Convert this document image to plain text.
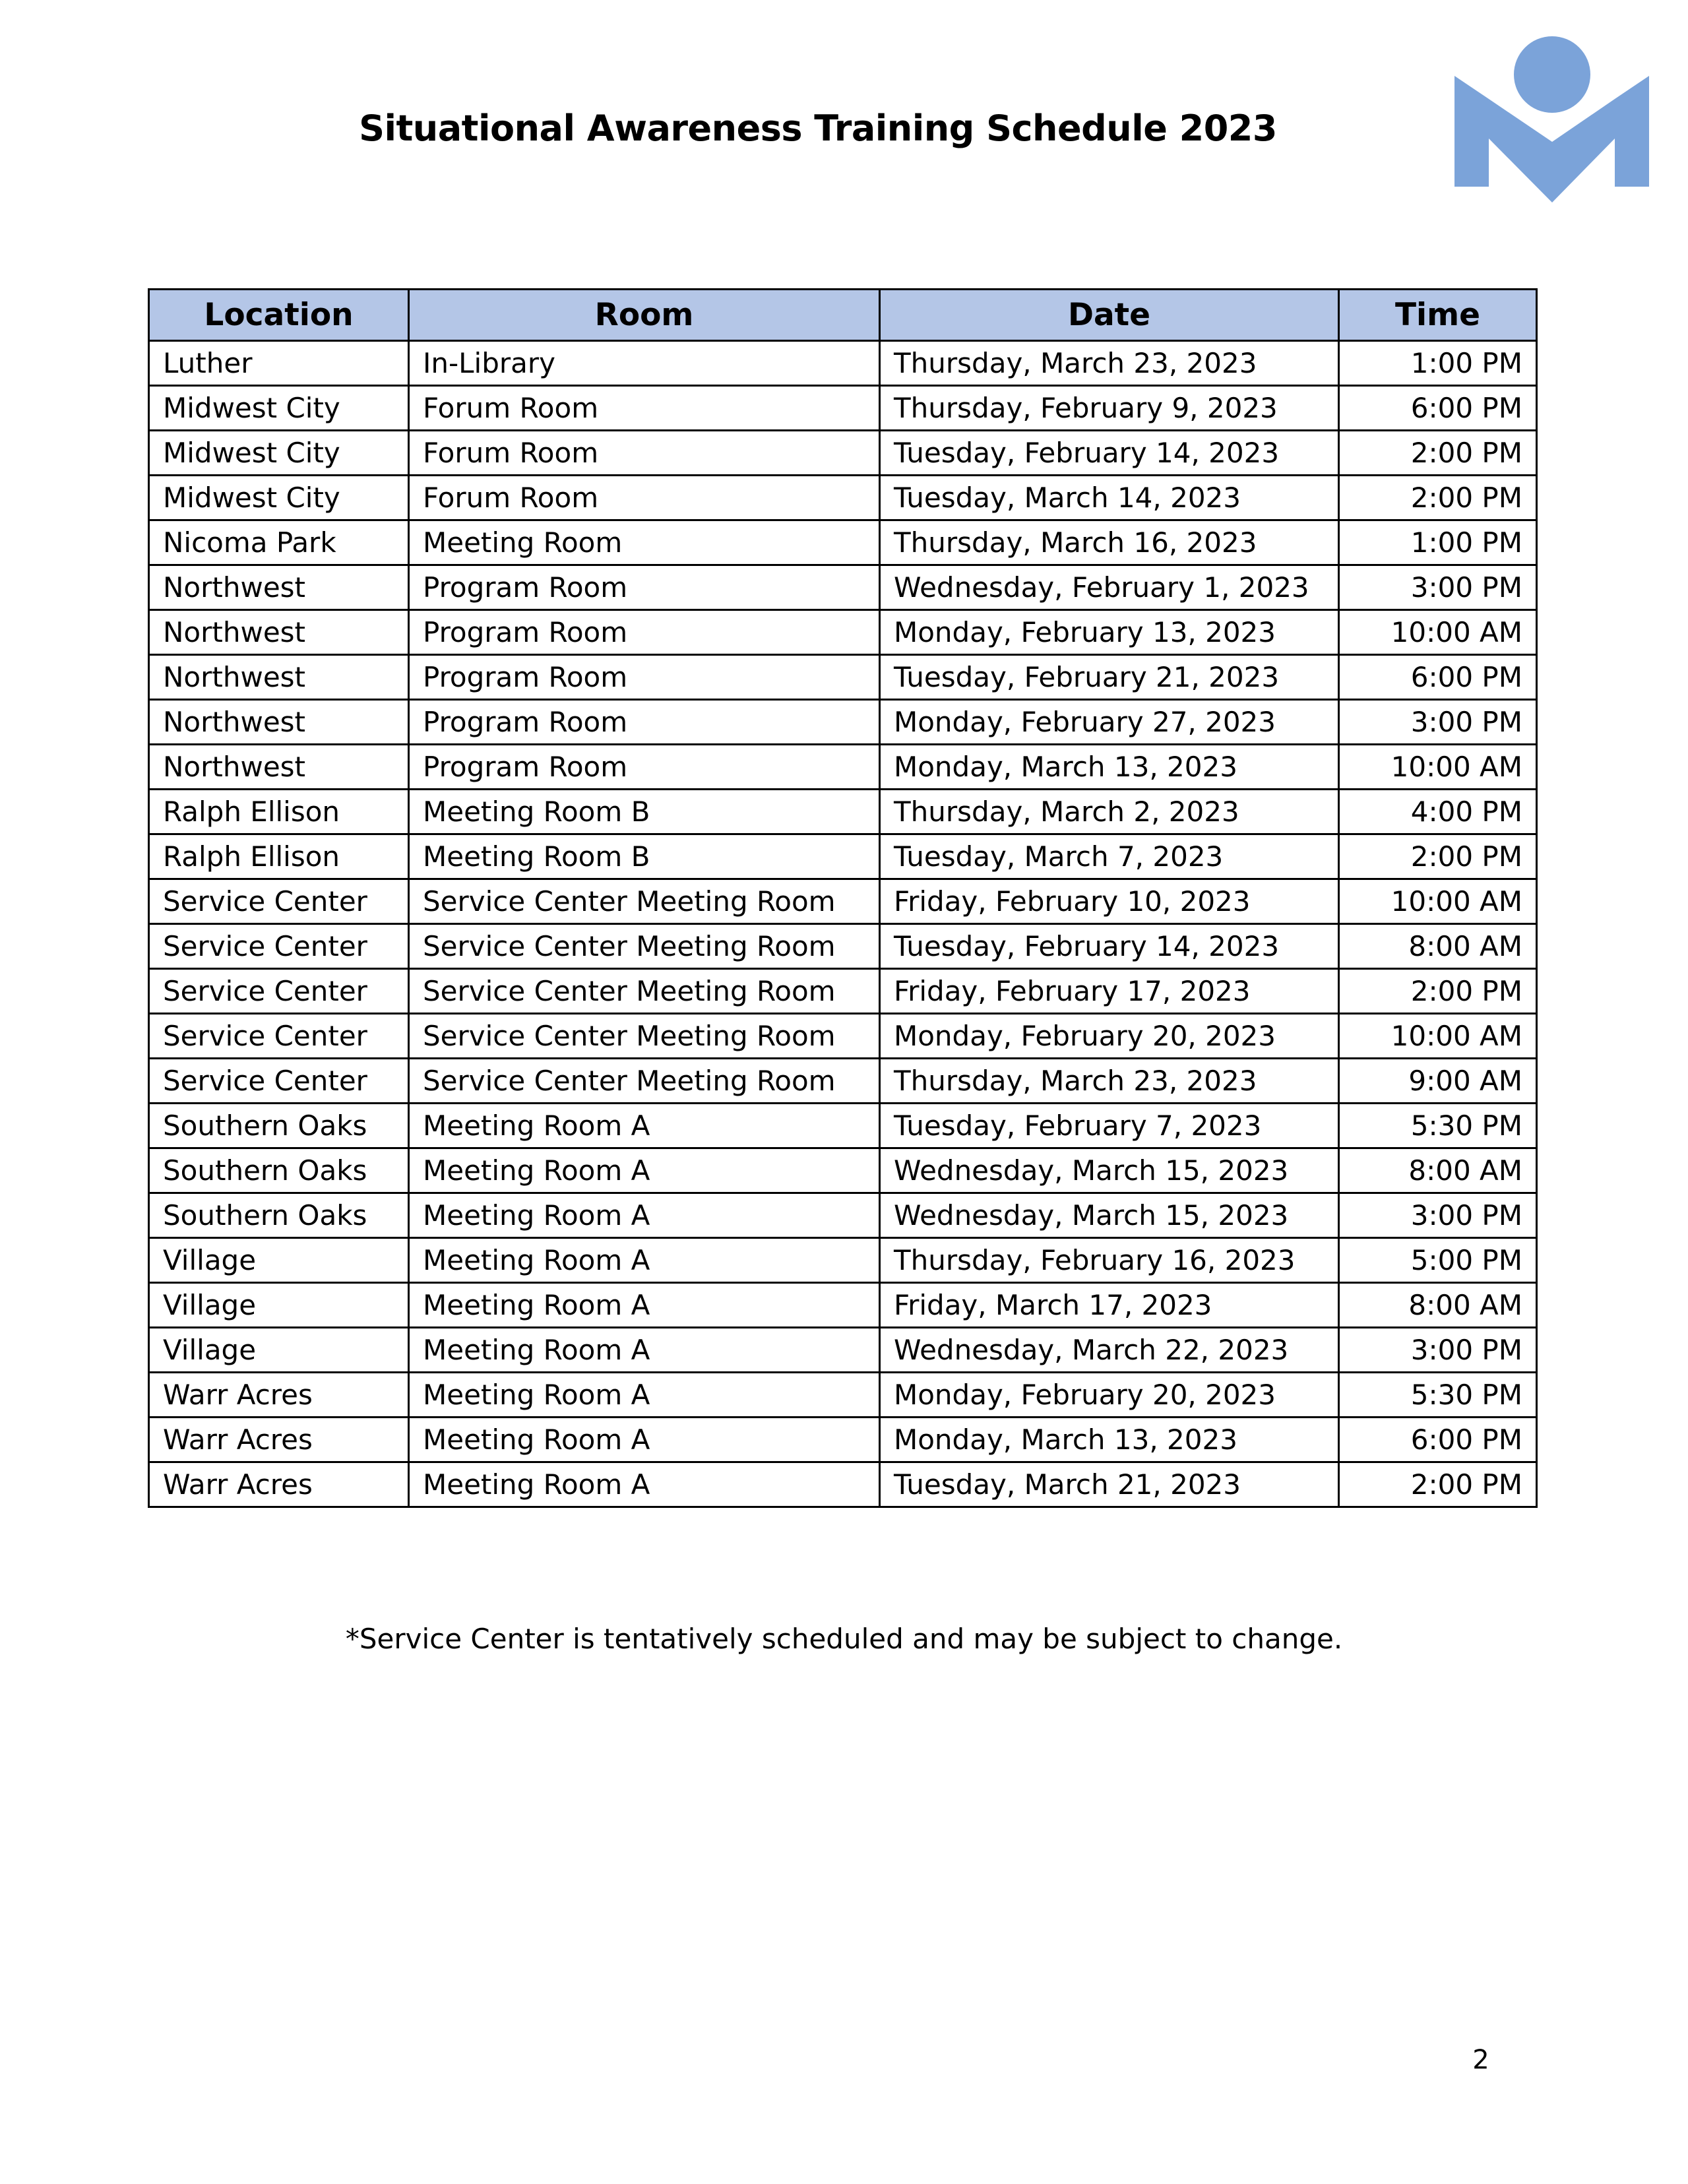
Situational Awareness Training Schedule 2023
Location	Room	Date	Time
Luther	In-Library	Thursday, March 23, 2023	1:00 PM
Midwest City	Forum Room	Thursday, February 9, 2023	6:00 PM
Midwest City	Forum Room	Tuesday, February 14, 2023	2:00 PM
Midwest City	Forum Room	Tuesday, March 14, 2023	2:00 PM
Nicoma Park	Meeting Room	Thursday, March 16, 2023	1:00 PM
Northwest	Program Room	Wednesday, February 1, 2023	3:00 PM
Northwest	Program Room	Monday, February 13, 2023	10:00 AM
Northwest	Program Room	Tuesday, February 21, 2023	6:00 PM
Northwest	Program Room	Monday, February 27, 2023	3:00 PM
Northwest	Program Room	Monday, March 13, 2023	10:00 AM
Ralph Ellison	Meeting Room B	Thursday, March 2, 2023	4:00 PM
Ralph Ellison	Meeting Room B	Tuesday, March 7, 2023	2:00 PM
Service Center	Service Center Meeting Room	Friday, February 10, 2023	10:00 AM
Service Center	Service Center Meeting Room	Tuesday, February 14, 2023	8:00 AM
Service Center	Service Center Meeting Room	Friday, February 17, 2023	2:00 PM
Service Center	Service Center Meeting Room	Monday, February 20, 2023	10:00 AM
Service Center	Service Center Meeting Room	Thursday, March 23, 2023	9:00 AM
Southern Oaks	Meeting Room A	Tuesday, February 7, 2023	5:30 PM
Southern Oaks	Meeting Room A	Wednesday, March 15, 2023	8:00 AM
Southern Oaks	Meeting Room A	Wednesday, March 15, 2023	3:00 PM
Village	Meeting Room A	Thursday, February 16, 2023	5:00 PM
Village	Meeting Room A	Friday, March 17, 2023	8:00 AM
Village	Meeting Room A	Wednesday, March 22, 2023	3:00 PM
Warr Acres	Meeting Room A	Monday, February 20, 2023	5:30 PM
Warr Acres	Meeting Room A	Monday, March 13, 2023	6:00 PM
Warr Acres	Meeting Room A	Tuesday, March 21, 2023	2:00 PM

*Service Center is tentatively scheduled and may be subject to change.

2
